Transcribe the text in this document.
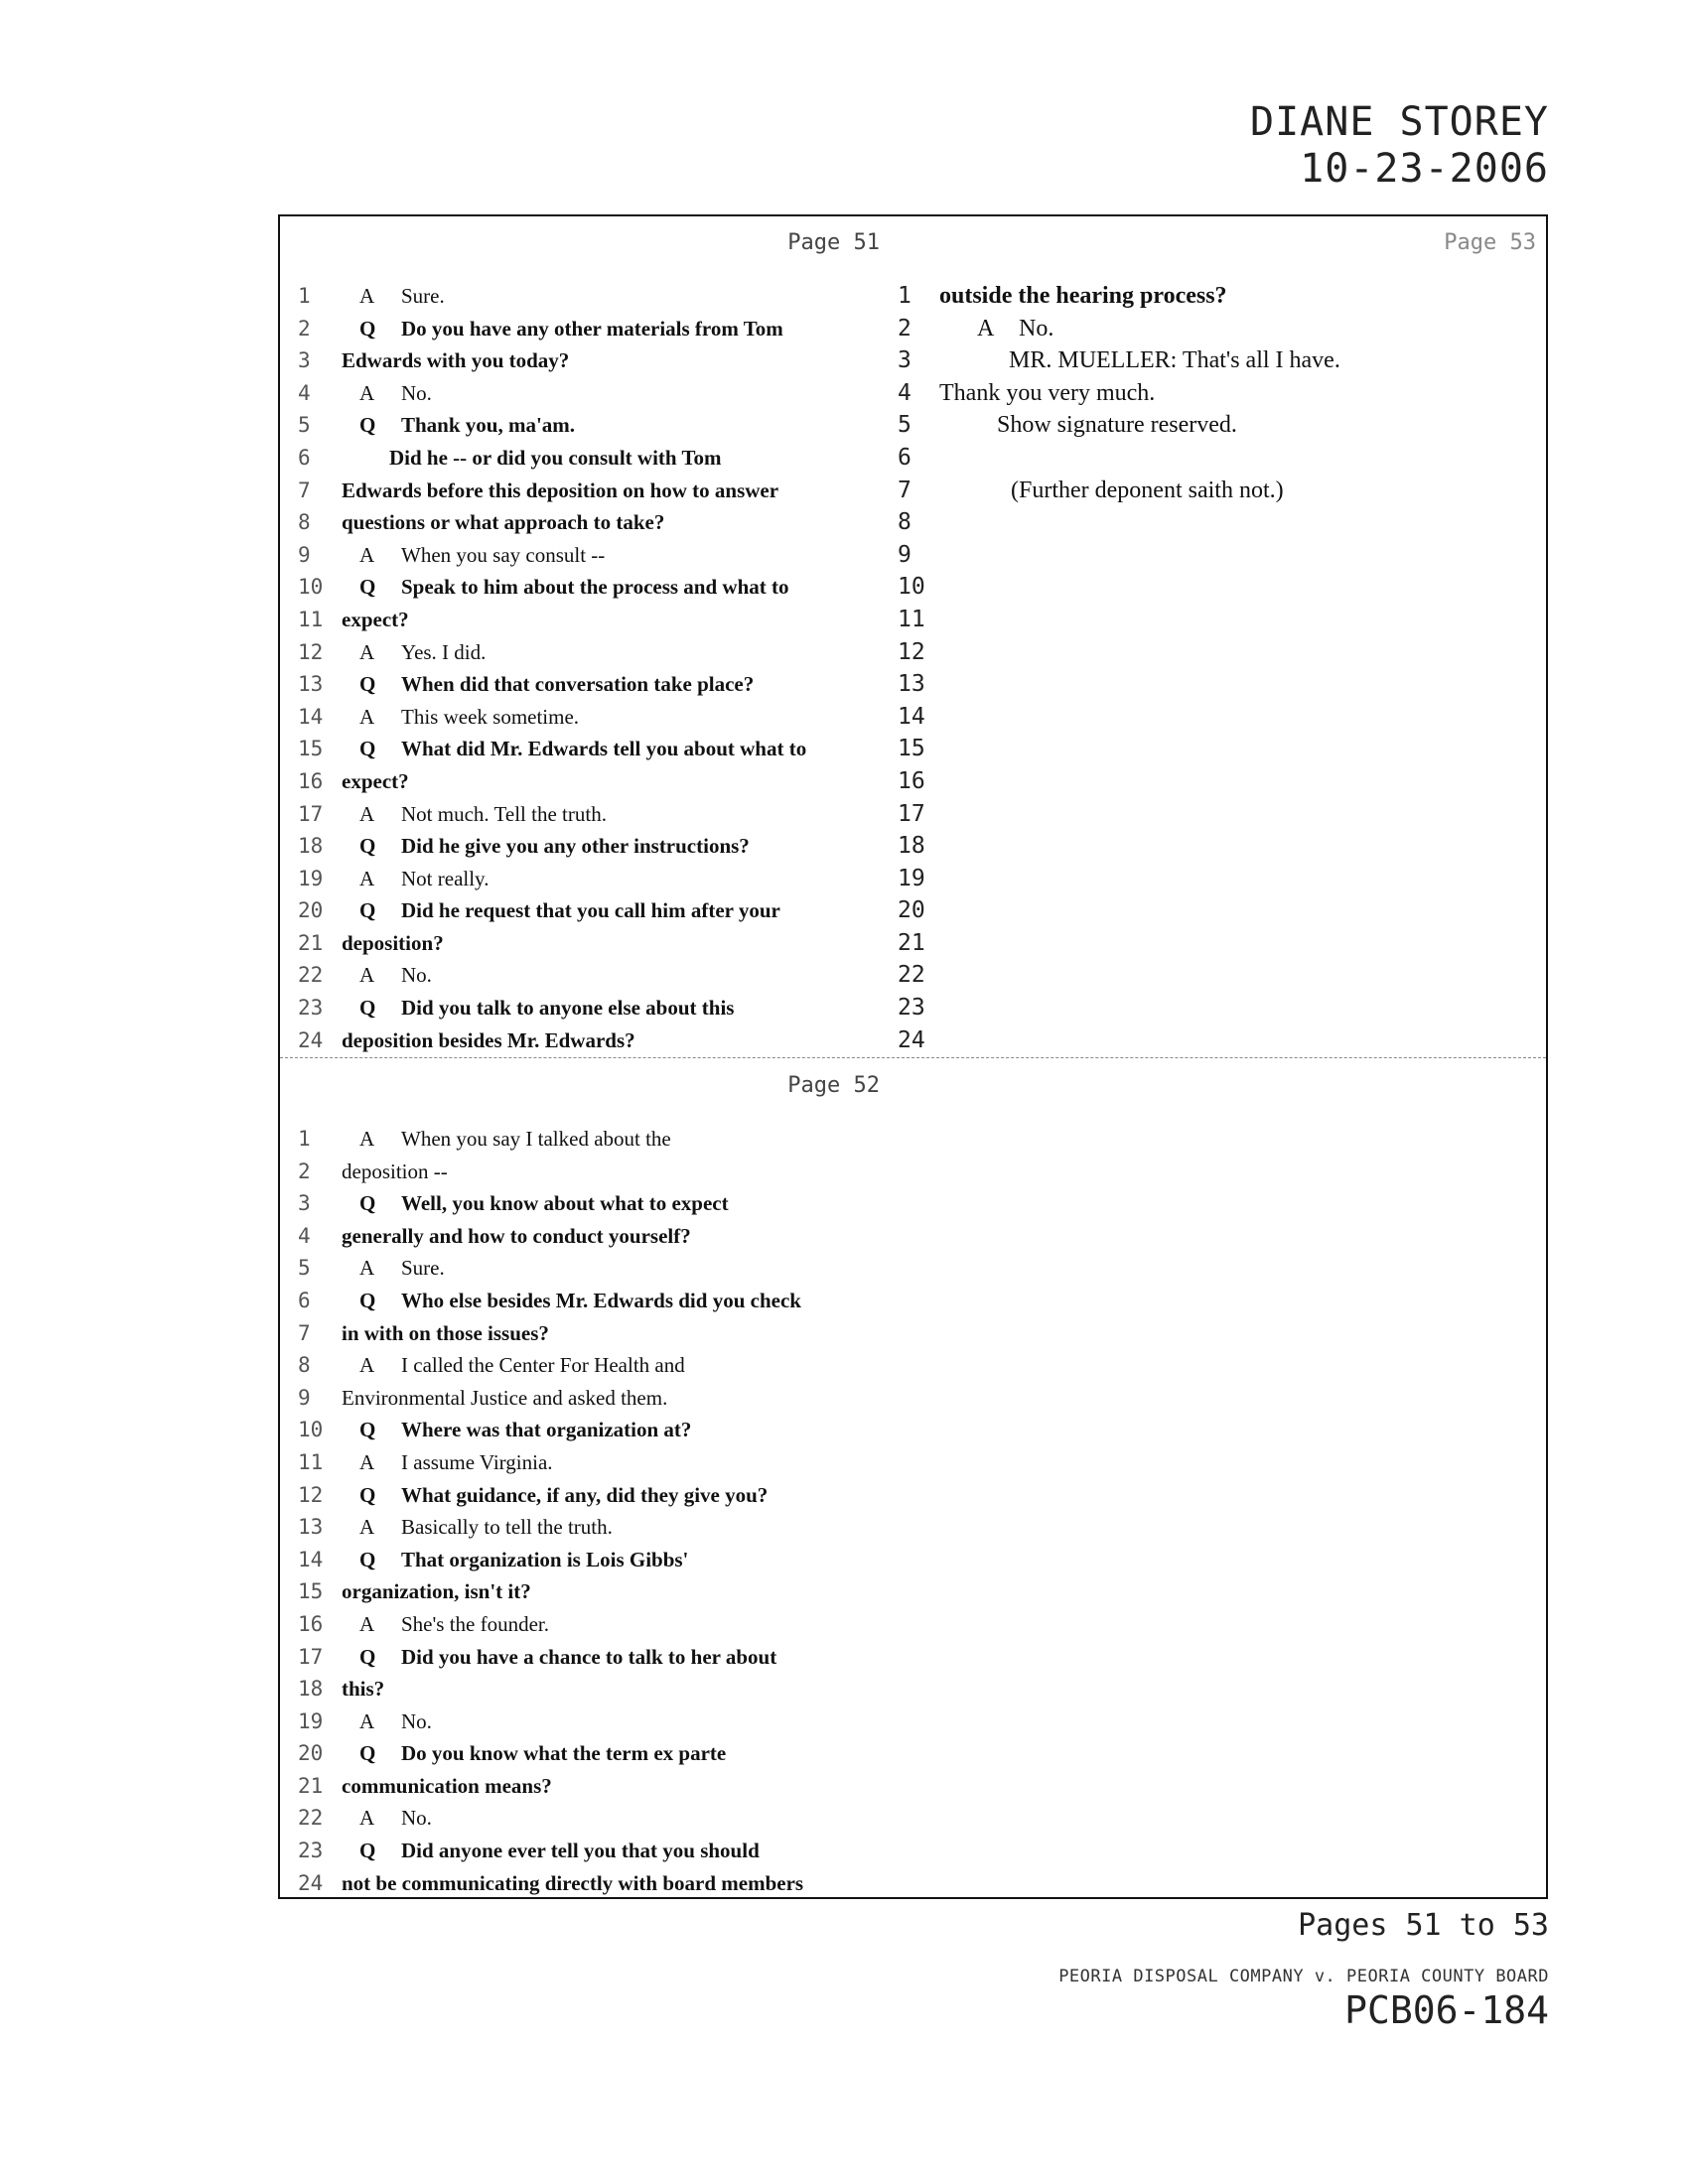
DIANE STOREY
10-23-2006
Page 51
1	A Sure.
2	Q Do you have any other materials from Tom
3 Edwards with you today?
4	A No.
5	Q Thank you, ma'am.
6	Did he -- or did you consult with Tom
7 Edwards before this deposition on how to answer
8 questions or what approach to take?
9	A When you say consult --
10	Q Speak to him about the process and what to
11 expect?
12	A Yes. I did.
13	Q When did that conversation take place?
14	A This week sometime.
15	Q What did Mr. Edwards tell you about what to
16 expect?
17	A Not much. Tell the truth.
18	Q Did he give you any other instructions?
19	A Not really.
20	Q Did he request that you call him after your
21 deposition?
22	A No.
23	Q Did you talk to anyone else about this
24 deposition besides Mr. Edwards?
Page 53
1 outside the hearing process?
2	A No.
3	MR. MUELLER: That's all I have.
4 Thank you very much.
5	Show signature reserved.
6
7	(Further deponent saith not.)
8
9
10
11
12
13
14
15
16
17
18
19
20
21
22
23
24
Page 52
1	A When you say I talked about the
2 deposition --
3	Q Well, you know about what to expect
4 generally and how to conduct yourself?
5	A Sure.
6	Q Who else besides Mr. Edwards did you check
7 in with on those issues?
8	A I called the Center For Health and
9 Environmental Justice and asked them.
10	Q Where was that organization at?
11	A I assume Virginia.
12	Q What guidance, if any, did they give you?
13	A Basically to tell the truth.
14	Q That organization is Lois Gibbs'
15 organization, isn't it?
16	A She's the founder.
17	Q Did you have a chance to talk to her about
18 this?
19	A No.
20	Q Do you know what the term ex parte
21 communication means?
22	A No.
23	Q Did anyone ever tell you that you should
24 not be communicating directly with board members
Pages 51 to 53
PEORIA DISPOSAL COMPANY v. PEORIA COUNTY BOARD
PCB06-184
